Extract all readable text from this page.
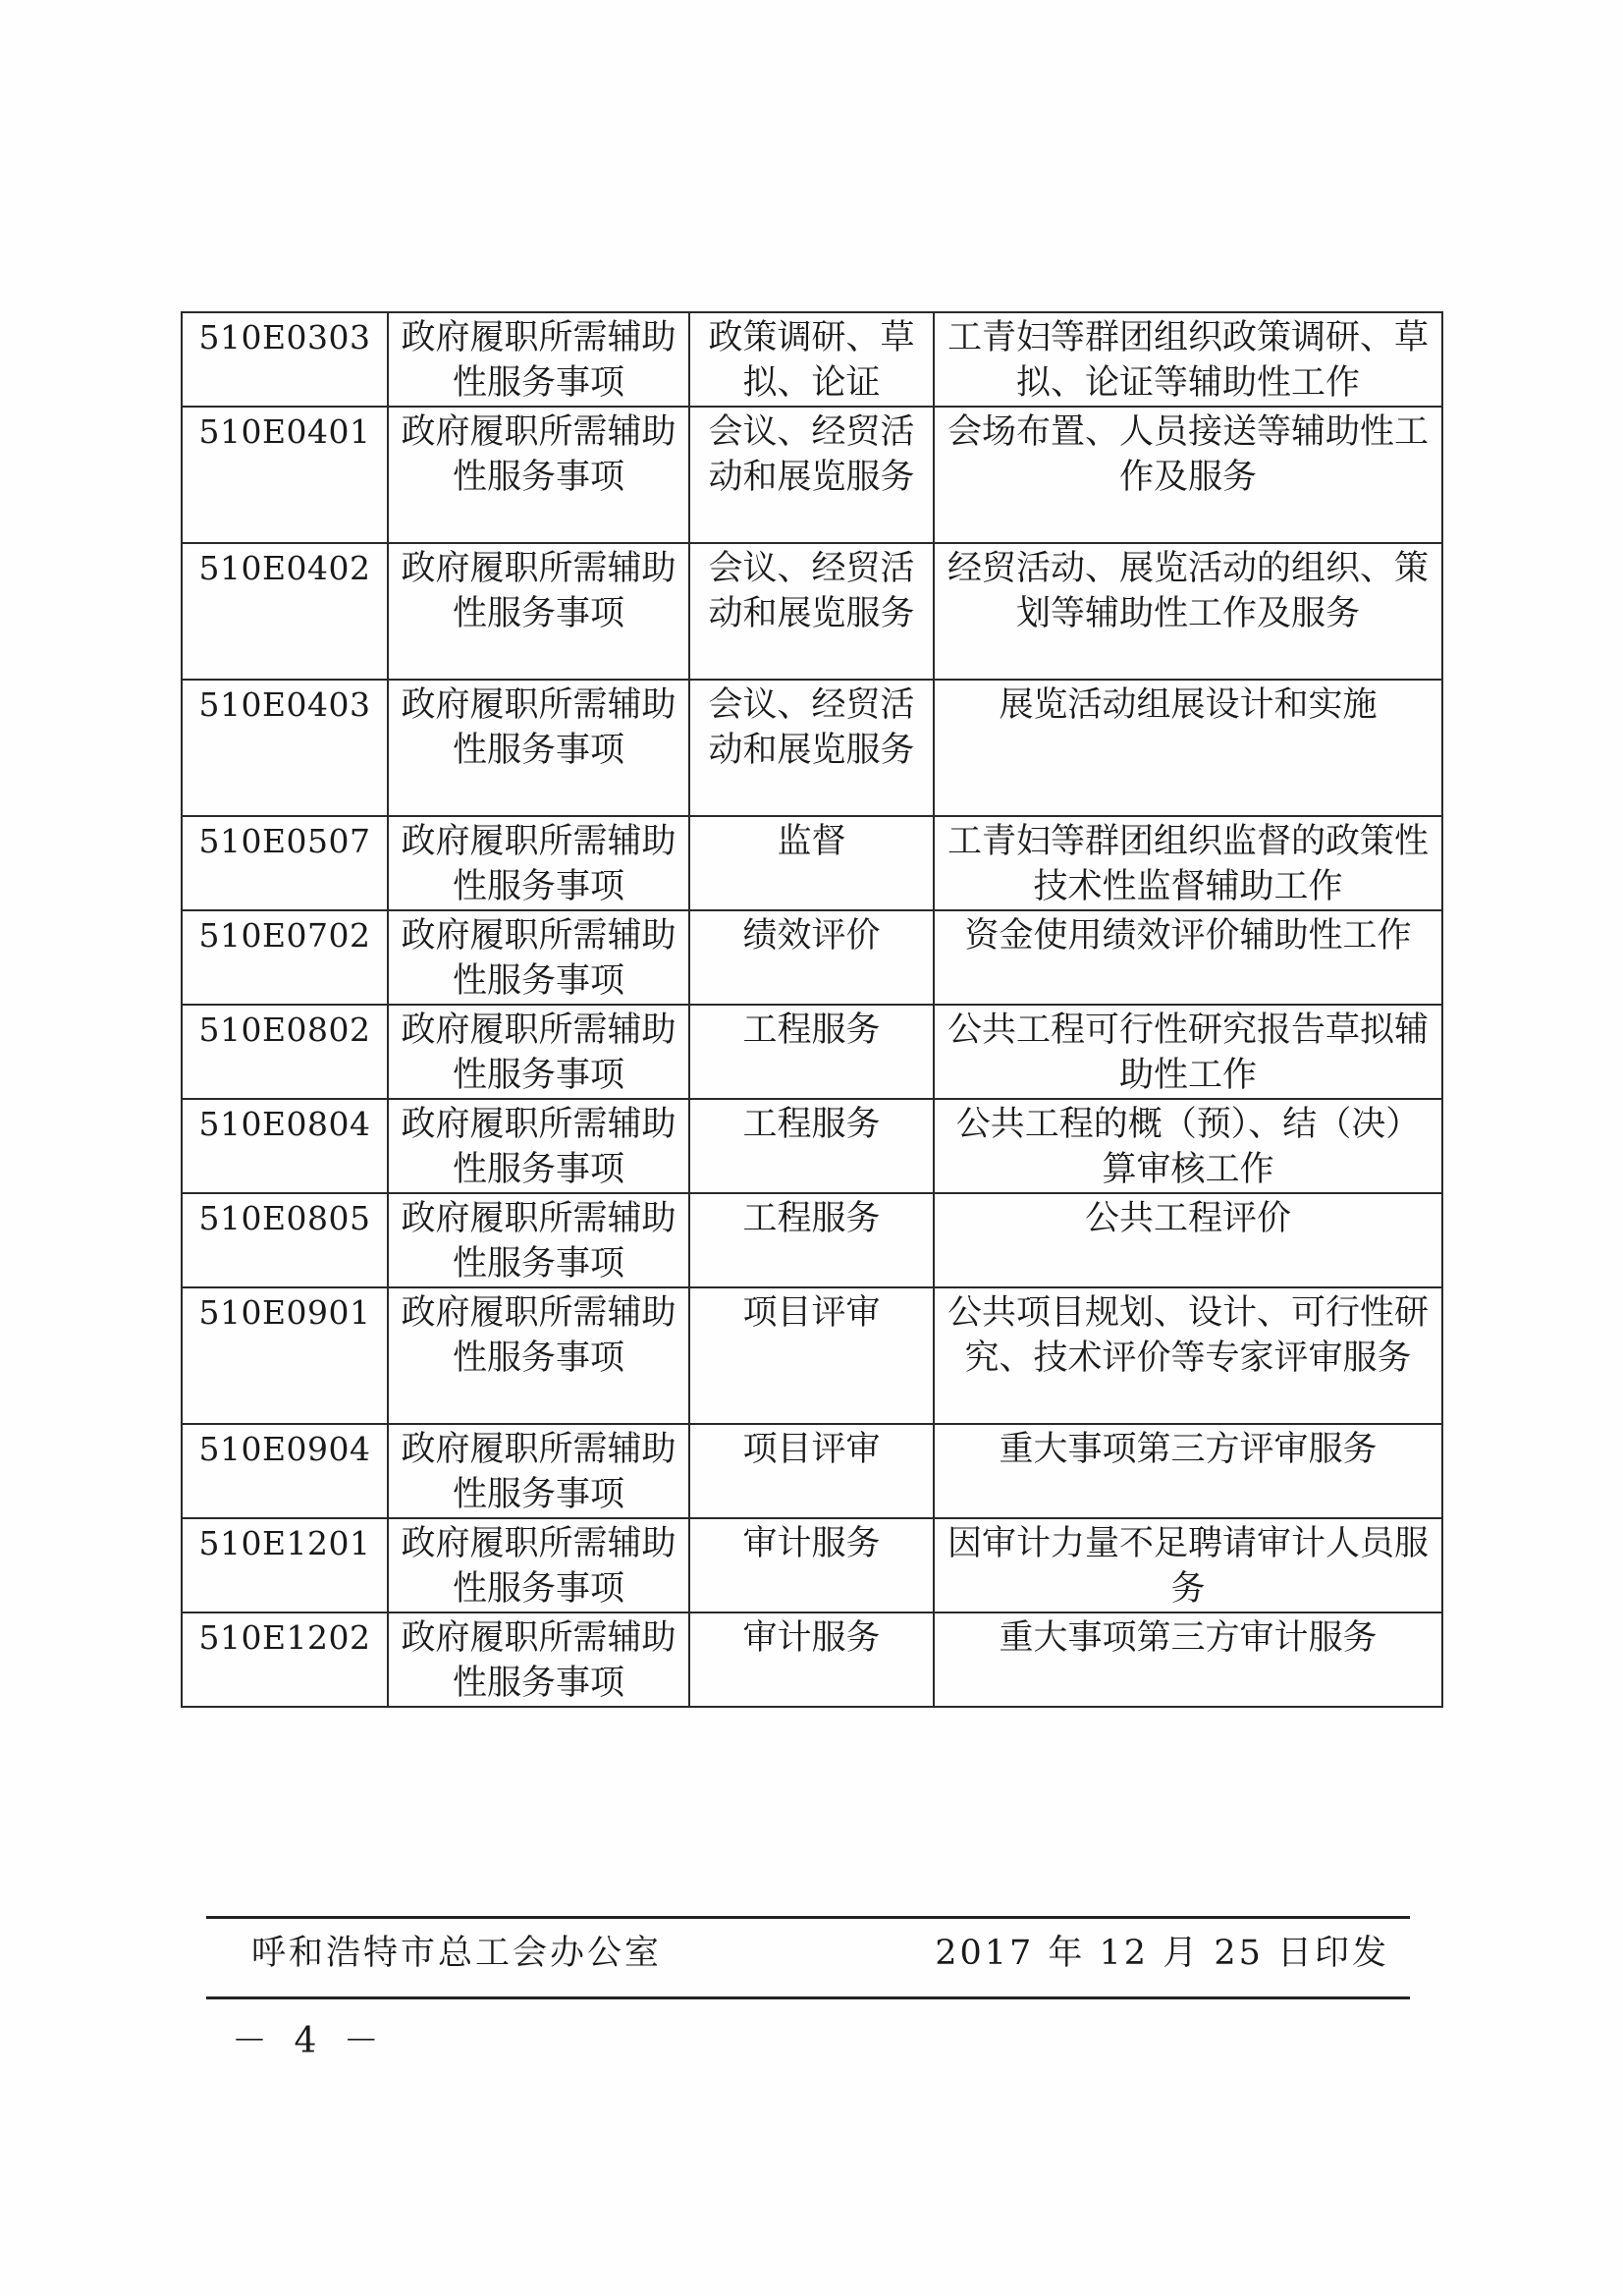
510E0303	政府履职所需辅助性服务事项	政策调研、草拟、论证	工青妇等群团组织政策调研、草拟、论证等辅助性工作
510E0401	政府履职所需辅助性服务事项	会议、经贸活动和展览服务	会场布置、人员接送等辅助性工作及服务
510E0402	政府履职所需辅助性服务事项	会议、经贸活动和展览服务	经贸活动、展览活动的组织、策划等辅助性工作及服务
510E0403	政府履职所需辅助性服务事项	会议、经贸活动和展览服务	展览活动组展设计和实施
510E0507	政府履职所需辅助性服务事项	监督	工青妇等群团组织监督的政策性技术性监督辅助工作
510E0702	政府履职所需辅助性服务事项	绩效评价	资金使用绩效评价辅助性工作
510E0802	政府履职所需辅助性服务事项	工程服务	公共工程可行性研究报告草拟辅助性工作
510E0804	政府履职所需辅助性服务事项	工程服务	公共工程的概（预）、结（决）算审核工作
510E0805	政府履职所需辅助性服务事项	工程服务	公共工程评价
510E0901	政府履职所需辅助性服务事项	项目评审	公共项目规划、设计、可行性研究、技术评价等专家评审服务
510E0904	政府履职所需辅助性服务事项	项目评审	重大事项第三方评审服务
510E1201	政府履职所需辅助性服务事项	审计服务	因审计力量不足聘请审计人员服务
510E1202	政府履职所需辅助性服务事项	审计服务	重大事项第三方审计服务
呼和浩特市总工会办公室	2017 年 12 月 25 日印发
－ 4 －
